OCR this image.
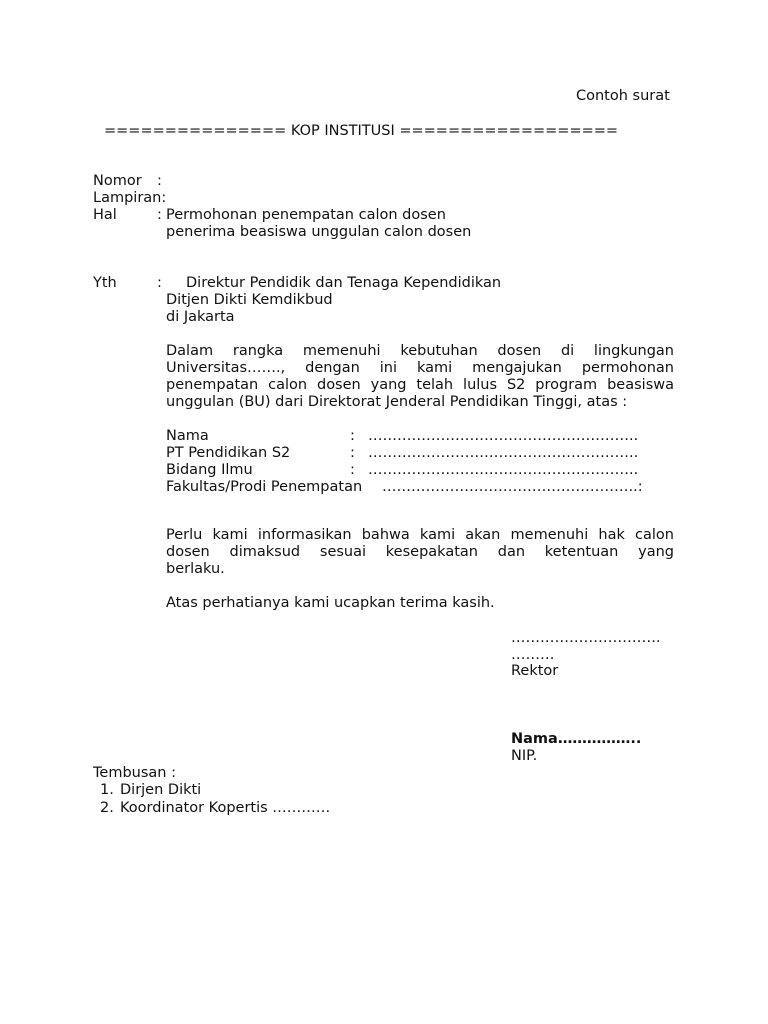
Contoh surat
=============== KOP INSTITUSI ==================
Nomor :
Lampiran:
Hal	: Permohonan penempatan calon dosen
penerima beasiswa unggulan calon dosen
Yth	: Direktur Pendidik dan Tenaga Kependidikan
Ditjen Dikti Kemdikbud
di Jakarta
Dalam rangka memenuhi kebutuhan dosen di lingkungan
Universitas……., dengan ini kami mengajukan permohonan
penempatan calon dosen yang telah lulus S2 program beasiswa
unggulan (BU) dari Direktorat Jenderal Pendidikan Tinggi, atas :
Nama	: ………………………………………………..
PT Pendidikan S2	: ………………………………………………..
Bidang Ilmu	: ………………………………………………..
Fakultas/Prodi Penempatan ……………………………………………..:
Perlu kami informasikan bahwa kami akan memenuhi hak calon
dosen dimaksud sesuai kesepakatan dan ketentuan yang
berlaku.
Atas perhatianya kami ucapkan terima kasih.
………………………….
………
Rektor
Nama……………..
NIP.
Tembusan :
1. Dirjen Dikti
2. Koordinator Kopertis …………
